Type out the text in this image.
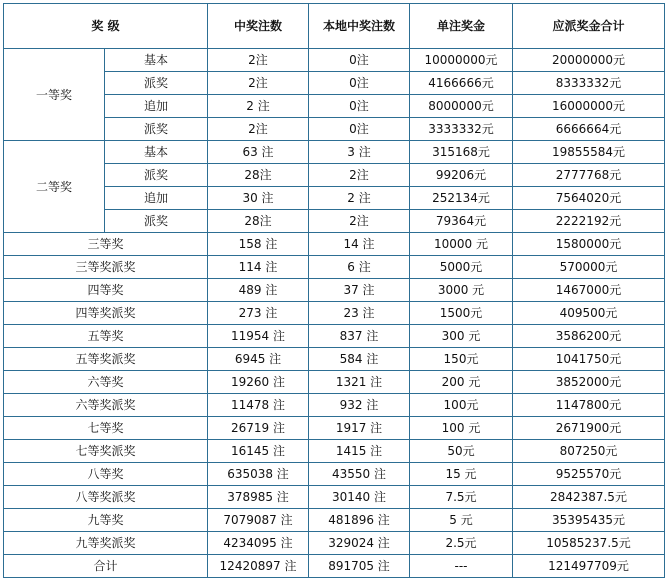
奖 级		中奖注数	本地中奖注数	单注奖金	应派奖金合计
一等奖	基本	2注	0注	10000000元	20000000元
	派奖	2注	0注	4166666元	8333332元
	追加	2 注	0注	8000000元	16000000元
	派奖	2注	0注	3333332元	6666664元
二等奖	基本	63 注	3 注	315168元	19855584元
	派奖	28注	2注	99206元	2777768元
	追加	30 注	2 注	252134元	7564020元
	派奖	28注	2注	79364元	2222192元
三等奖		158 注	14 注	10000 元	1580000元
三等奖派奖		114 注	6 注	5000元	570000元
四等奖		489 注	37 注	3000 元	1467000元
四等奖派奖		273 注	23 注	1500元	409500元
五等奖		11954 注	837 注	300 元	3586200元
五等奖派奖		6945 注	584 注	150元	1041750元
六等奖		19260 注	1321 注	200 元	3852000元
六等奖派奖		11478 注	932 注	100元	1147800元
七等奖		26719 注	1917 注	100 元	2671900元
七等奖派奖		16145 注	1415 注	50元	807250元
八等奖		635038 注	43550 注	15 元	9525570元
八等奖派奖		378985 注	30140 注	7.5元	2842387.5元
九等奖		7079087 注	481896 注	5 元	35395435元
九等奖派奖		4234095 注	329024 注	2.5元	10585237.5元
合计		12420897 注	891705 注	---	121497709元
